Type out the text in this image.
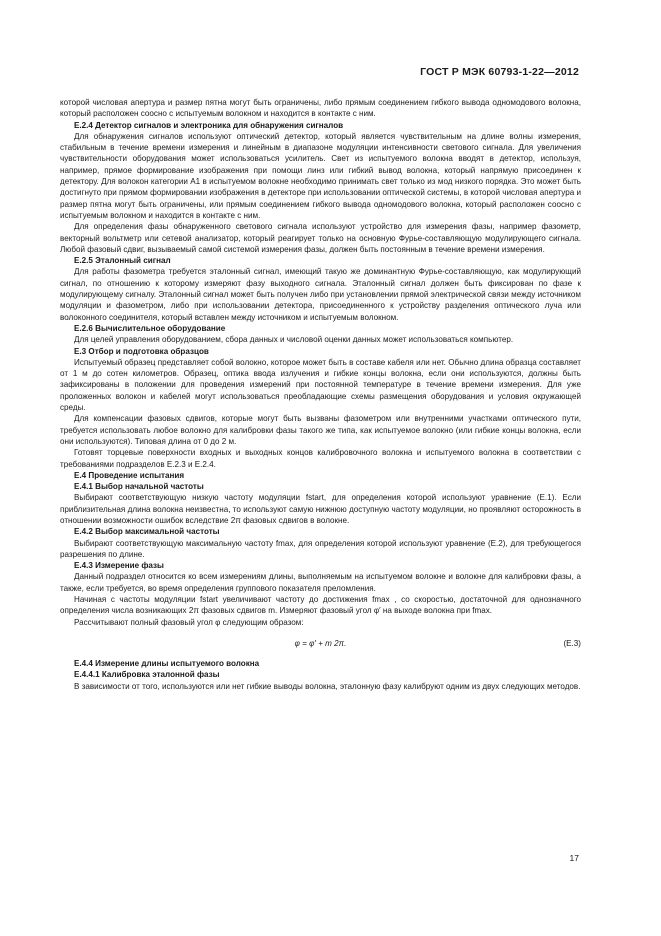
ГОСТ Р МЭК 60793-1-22—2012

которой числовая апертура и размер пятна могут быть ограничены, либо прямым соединением гибкого вывода одномодового волокна, который расположен соосно с испытуемым волокном и находится в контакте с ним.

E.2.4 Детектор сигналов и электроника для обнаружения сигналов

Для обнаружения сигналов используют оптический детектор, который является чувствительным на длине волны измерения, стабильным в течение времени измерения и линейным в диапазоне модуляции интенсивности светового сигнала. Для увеличения чувствительности оборудования может использоваться усилитель. Свет из испытуемого волокна вводят в детектор, используя, например, прямое формирование изображения при помощи линз или гибкий вывод волокна, который напрямую присоединен к детектору. Для волокон категории А1 в испытуемом волокне необходимо принимать свет только из мод низкого порядка. Это может быть достигнуто при прямом формировании изображения в детекторе при использовании оптической системы, в которой числовая апертура и размер пятна могут быть ограничены, или прямым соединением гибкого вывода одномодового волокна, который расположен соосно с испытуемым волокном и находится в контакте с ним.

Для определения фазы обнаруженного светового сигнала используют устройство для измерения фазы, например фазометр, векторный вольтметр или сетевой анализатор, который реагирует только на основную Фурье-составляющую модулирующего сигнала. Любой фазовый сдвиг, вызываемый самой системой измерения фазы, должен быть постоянным в течение времени измерения.

E.2.5 Эталонный сигнал

Для работы фазометра требуется эталонный сигнал, имеющий такую же доминантную Фурье-составляющую, как модулирующий сигнал, по отношению к которому измеряют фазу выходного сигнала. Эталонный сигнал должен быть фиксирован по фазе к модулирующему сигналу. Эталонный сигнал может быть получен либо при установлении прямой электрической связи между источником модуляции и фазометром, либо при использовании детектора, присоединенного к устройству разделения оптического луча или волоконного соединителя, который вставлен между источником и испытуемым волокном.

E.2.6 Вычислительное оборудование

Для целей управления оборудованием, сбора данных и числовой оценки данных может использоваться компьютер.

E.3 Отбор и подготовка образцов

Испытуемый образец представляет собой волокно, которое может быть в составе кабеля или нет. Обычно длина образца составляет от 1 м до сотен километров. Образец, оптика ввода излучения и гибкие концы волокна, если они используются, должны быть зафиксированы в положении для проведения измерений при постоянной температуре в течение времени измерения. Для уже проложенных волокон и кабелей могут использоваться преобладающие схемы размещения оборудования и условия окружающей среды.

Для компенсации фазовых сдвигов, которые могут быть вызваны фазометром или внутренними участками оптического пути, требуется использовать любое волокно для калибровки фазы такого же типа, как испытуемое волокно (или гибкие концы волокна, если они используются). Типовая длина от 0 до 2 м.

Готовят торцевые поверхности входных и выходных концов калибровочного волокна и испытуемого волокна в соответствии с требованиями подразделов Е.2.3 и Е.2.4.

E.4 Проведение испытания

E.4.1 Выбор начальной частоты

Выбирают соответствующую низкую частоту модуляции fstart, для определения которой используют уравнение (Е.1). Если приблизительная длина волокна неизвестна, то используют самую нижнюю доступную частоту модуляции, но проявляют осторожность в отношении возможности ошибок вследствие 2π фазовых сдвигов в волокне.

E.4.2 Выбор максимальной частоты

Выбирают соответствующую максимальную частоту fmax, для определения которой используют уравнение (Е.2), для требующегося разрешения по длине.

E.4.3 Измерение фазы

Данный подраздел относится ко всем измерениям длины, выполняемым на испытуемом волокне и волокне для калибровки фазы, а также, если требуется, во время определения группового показателя преломления.

Начиная с частоты модуляции fstart увеличивают частоту до достижения fmax , со скоростью, достаточной для однозначного определения числа возникающих 2π фазовых сдвигов m. Измеряют фазовый угол φ′ на выходе волокна при fmax.

Рассчитывают полный фазовый угол φ следующим образом:

φ = φ′ + m 2π.	(Е.3)

E.4.4 Измерение длины испытуемого волокна

E.4.4.1 Калибровка эталонной фазы

В зависимости от того, используются или нет гибкие выводы волокна, эталонную фазу калибруют одним из двух следующих методов.

17
